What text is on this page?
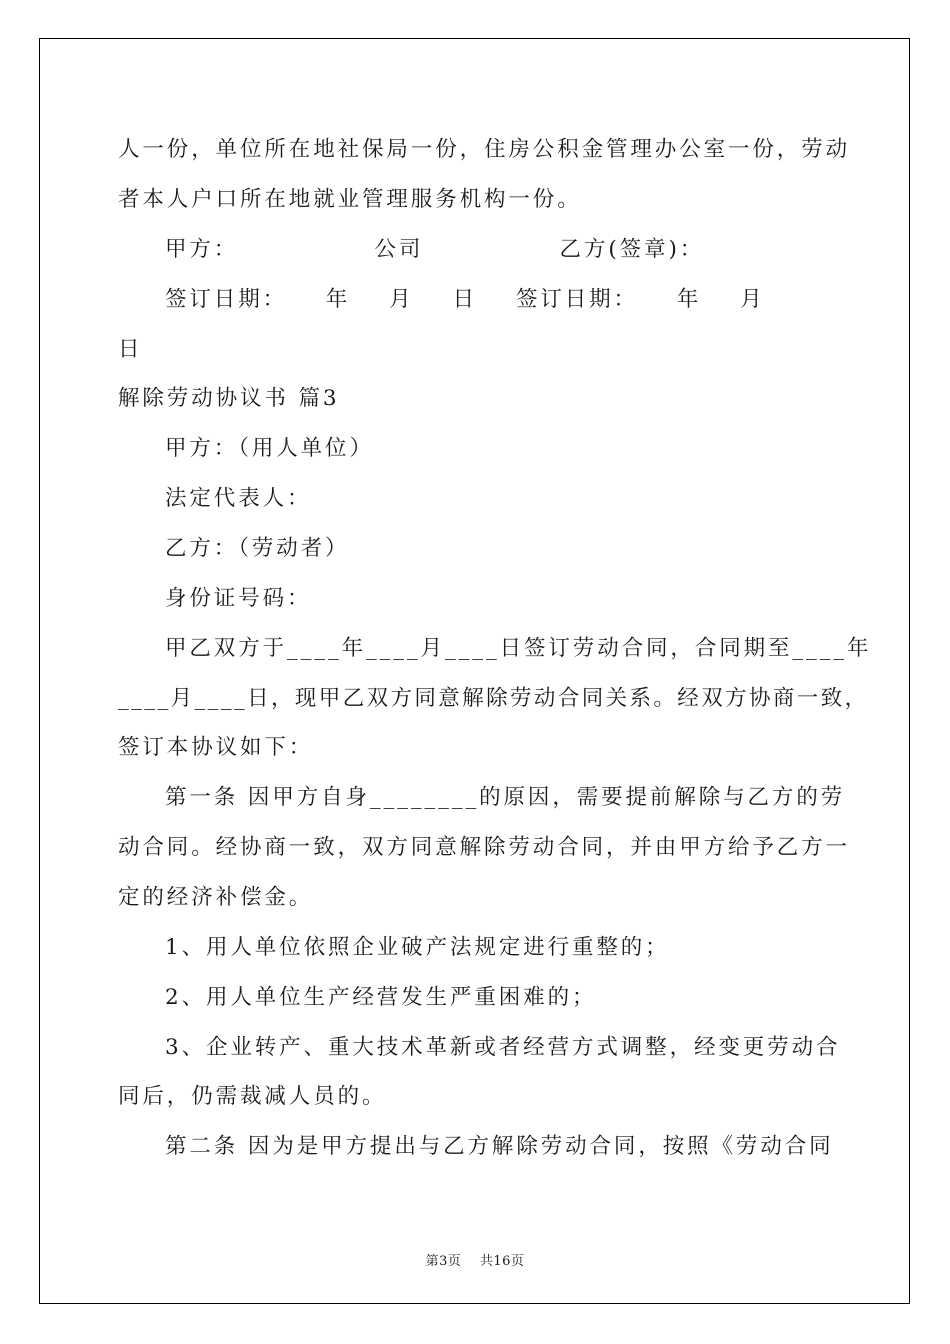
人一份，单位所在地社保局一份，住房公积金管理办公室一份，劳动

者本人户口所在地就业管理服务机构一份。

甲方：              公司              乙方(签章)：

签订日期：    年    月    日    签订日期：    年    月

日

解除劳动协议书 篇3

甲方：（用人单位）

法定代表人：

乙方：（劳动者）

身份证号码：

甲乙双方于____年____月____日签订劳动合同，合同期至____年

____月____日，现甲乙双方同意解除劳动合同关系。经双方协商一致，

签订本协议如下：

第一条 因甲方自身________的原因，需要提前解除与乙方的劳

动合同。经协商一致，双方同意解除劳动合同，并由甲方给予乙方一

定的经济补偿金。

1、用人单位依照企业破产法规定进行重整的；

2、用人单位生产经营发生严重困难的；

3、企业转产、重大技术革新或者经营方式调整，经变更劳动合

同后，仍需裁减人员的。

第二条 因为是甲方提出与乙方解除劳动合同，按照《劳动合同

第3页    共16页
